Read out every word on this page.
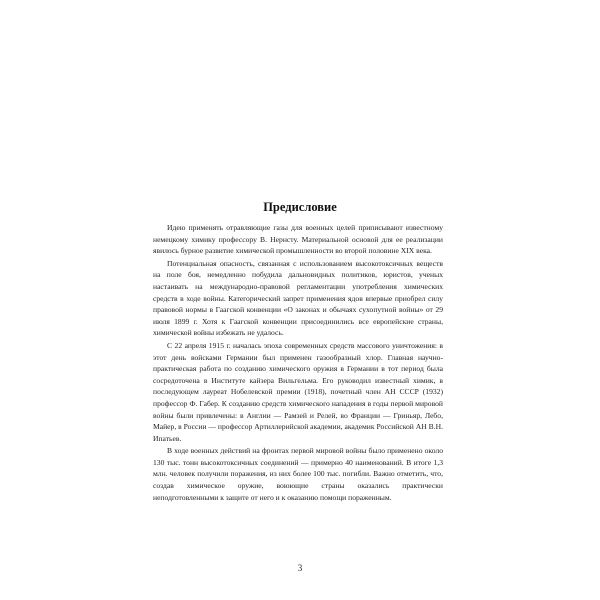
Предисловие

Идею применять отравляющие газы для военных целей приписывают известному немецкому химику профессору В. Нернсту. Материальной основой для ее реализации явилось бурное развитие химической промышленности во второй половине XIX века.

Потенциальная опасность, связанная с использованием высокотоксичных веществ на поле боя, немедленно побудила дальновидных политиков, юристов, ученых настаивать на международно-правовой регламентации употребления химических средств в ходе войны. Категорический запрет применения ядов впервые приобрел силу правовой нормы в Гаагской конвенции «О законах и обычаях сухопутной войны» от 29 июля 1899 г. Хотя к Гаагской конвенции присоединились все европейские страны, химической войны избежать не удалось.

С 22 апреля 1915 г. началась эпоха современных средств массового уничтожения: в этот день войсками Германии был применен газообразный хлор. Главная научно-практическая работа по созданию химического оружия в Германии в тот период была сосредоточена в Институте кайзера Вильгельма. Его руководил известный химик, в последующем лауреат Нобелевской премии (1918), почетный член АН СССР (1932) профессор Ф. Габер. К созданию средств химического нападения в годы первой мировой войны были привлечены: в Англии — Рамзей и Релей, во Франции — Гриньяр, Лебо, Майер, в России — профессор Артиллерийской академии, академик Российской АН В.Н. Ипатьев.

В ходе военных действий на фронтах первой мировой войны было применено около 130 тыс. тонн высокотоксичных соединений — примерно 40 наименований. В итоге 1,3 млн. человек получили поражения, из них более 100 тыс. погибли. Важно отметить, что, создав химическое оружие, воюющие страны оказались практически неподготовленными к защите от него и к оказанию помощи пораженным.

3
